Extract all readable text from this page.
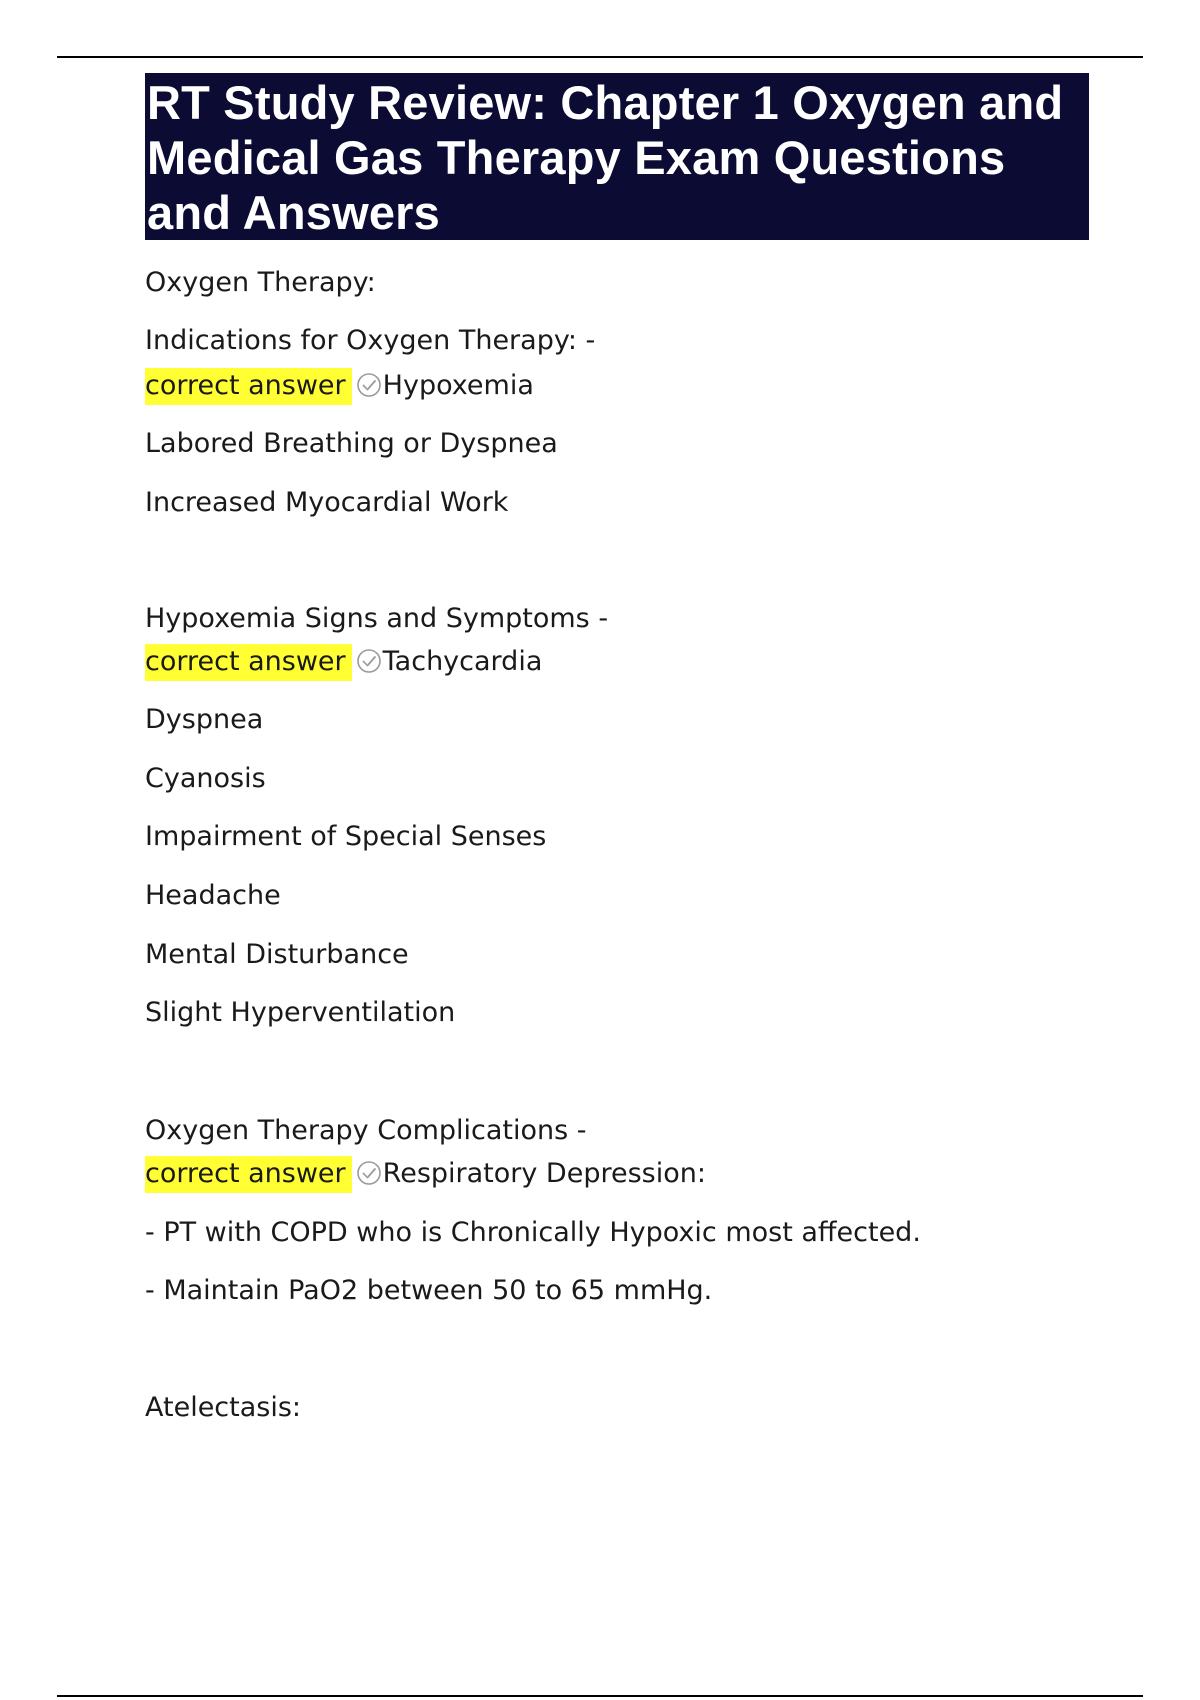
RT Study Review: Chapter 1 Oxygen and Medical Gas Therapy Exam Questions and Answers
Oxygen Therapy:
Indications for Oxygen Therapy: -
correct answer Hypoxemia
Labored Breathing or Dyspnea
Increased Myocardial Work
Hypoxemia Signs and Symptoms -
correct answer Tachycardia
Dyspnea
Cyanosis
Impairment of Special Senses
Headache
Mental Disturbance
Slight Hyperventilation
Oxygen Therapy Complications -
correct answer Respiratory Depression:
- PT with COPD who is Chronically Hypoxic most affected.
- Maintain PaO2 between 50 to 65 mmHg.
Atelectasis:
